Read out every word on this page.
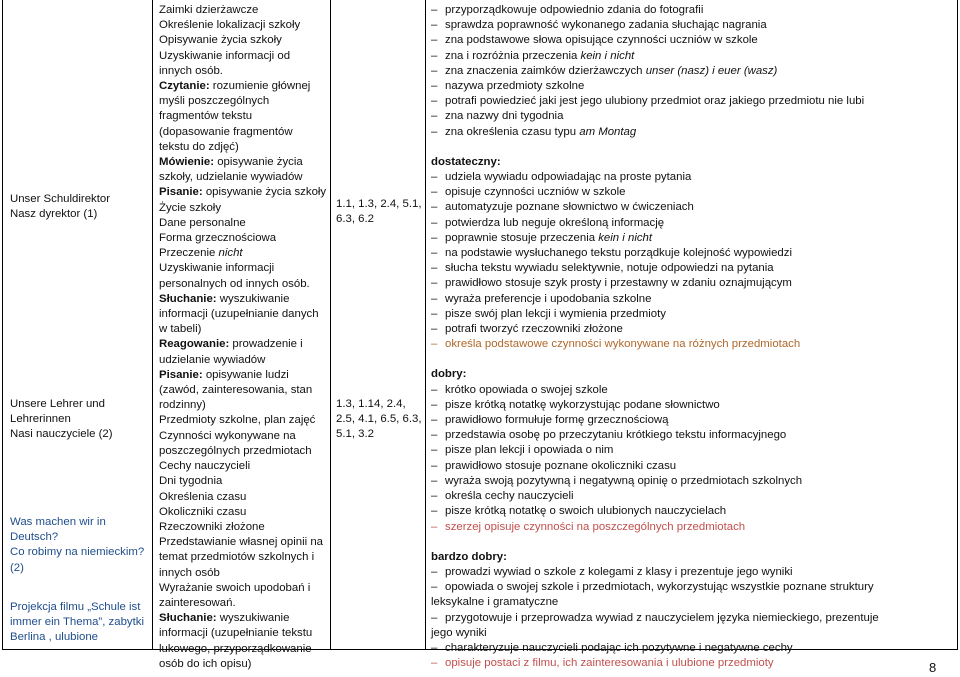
Unser Schuldirektor
Nasz dyrektor (1)
Unsere Lehrer und
Lehrerinnen
Nasi nauczyciele (2)
Was machen wir in
Deutsch?
Co robimy na niemieckim?
(2)
Projekcja filmu „Schule ist
immer ein Thema”, zabytki
Berlina , ulubione
Zaimki dzierżawcze
Określenie lokalizacji szkoły
Opisywanie życia szkoły
Uzyskiwanie informacji od
innych osób.
Czytanie: rozumienie głównej
myśli poszczególnych
fragmentów tekstu
(dopasowanie fragmentów
tekstu do zdjęć)
Mówienie: opisywanie życia
szkoły, udzielanie wywiadów
Pisanie: opisywanie życia szkoły
Życie szkoły
Dane personalne
Forma grzecznościowa
Przeczenie nicht
Uzyskiwanie informacji
personalnych od innych osób.
Słuchanie: wyszukiwanie
informacji (uzupełnianie danych
w tabeli)
Reagowanie: prowadzenie i
udzielanie wywiadów
Pisanie: opisywanie ludzi
(zawód, zainteresowania, stan
rodzinny)
Przedmioty szkolne, plan zajęć
Czynności wykonywane na
poszczególnych przedmiotach
Cechy nauczycieli
Dni tygodnia
Określenia czasu
Okoliczniki czasu
Rzeczowniki złożone
Przedstawianie własnej opinii na
temat przedmiotów szkolnych i
innych osób
Wyrażanie swoich upodobań i
zainteresowań.
Słuchanie: wyszukiwanie
informacji (uzupełnianie tekstu
lukowego, przyporządkowanie
osób do ich opisu)
1.1, 1.3, 2.4, 5.1,
6.3, 6.2
1.3, 1.14, 2.4,
2.5, 4.1, 6.5, 6.3,
5.1, 3.2
– przyporządkowuje odpowiednio zdania do fotografii
– sprawdza poprawność wykonanego zadania słuchając nagrania
– zna podstawowe słowa opisujące czynności uczniów w szkole
– zna i rozróżnia przeczenia kein i nicht
– zna znaczenia zaimków dzierżawczych unser (nasz) i euer (wasz)
– nazywa przedmioty szkolne
– potrafi powiedzieć jaki jest jego ulubiony przedmiot oraz jakiego przedmiotu nie lubi
– zna nazwy dni tygodnia
– zna określenia czasu typu am Montag
dostateczny:
– udziela wywiadu odpowiadając na proste pytania
– opisuje czynności uczniów w szkole
– automatyzuje poznane słownictwo w ćwiczeniach
– potwierdza lub neguje określoną informację
– poprawnie stosuje przeczenia kein i nicht
– na podstawie wysłuchanego tekstu porządkuje kolejność wypowiedzi
– słucha tekstu wywiadu selektywnie, notuje odpowiedzi na pytania
– prawidłowo stosuje szyk prosty i przestawny w zdaniu oznajmującym
– wyraża preferencje i upodobania szkolne
– pisze swój plan lekcji i wymienia przedmioty
– potrafi tworzyć rzeczowniki złożone
– określa podstawowe czynności wykonywane na różnych przedmiotach
dobry:
– krótko opowiada o swojej szkole
– pisze krótką notatkę wykorzystując podane słownictwo
– prawidłowo formułuje formę grzecznościową
– przedstawia osobę po przeczytaniu krótkiego tekstu informacyjnego
– pisze plan lekcji i opowiada o nim
– prawidłowo stosuje poznane okoliczniki czasu
– wyraża swoją pozytywną i negatywną opinię o przedmiotach szkolnych
– określa cechy nauczycieli
– pisze krótką notatkę o swoich ulubionych nauczycielach
– szerzej opisuje czynności na poszczególnych przedmiotach
bardzo dobry:
– prowadzi wywiad o szkole z kolegami z klasy i prezentuje jego wyniki
– opowiada o swojej szkole i przedmiotach, wykorzystując wszystkie poznane struktury
leksykalne i gramatyczne
– przygotowuje i przeprowadza wywiad z nauczycielem języka niemieckiego, prezentuje
jego wyniki
– charakteryzuje nauczycieli podając ich pozytywne i negatywne cechy
– opisuje postaci z filmu, ich zainteresowania i ulubione przedmioty	8
